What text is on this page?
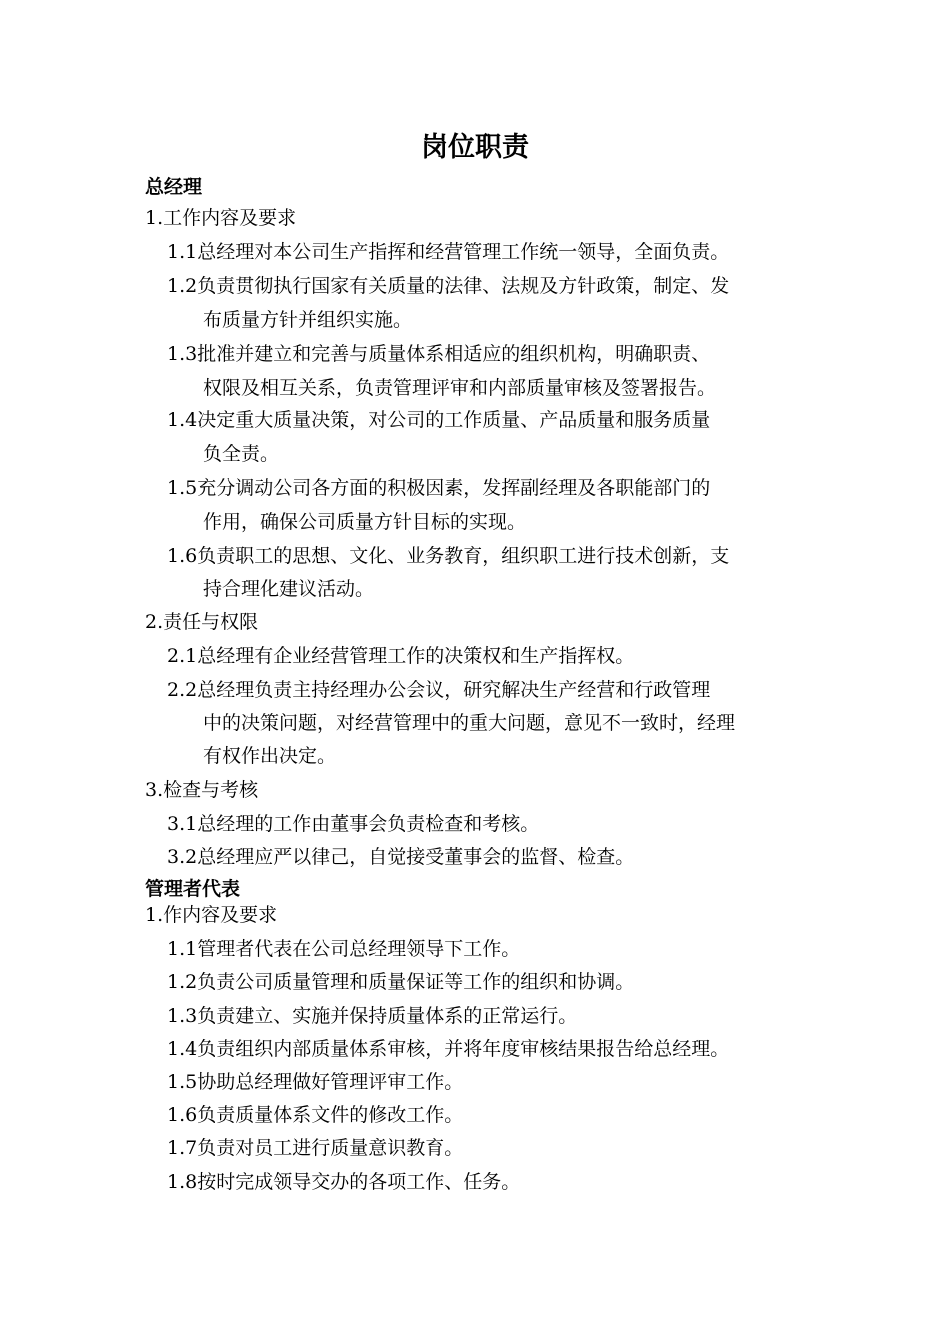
岗位职责
总经理
1.工作内容及要求
1.1总经理对本公司生产指挥和经营管理工作统一领导，全面负责。
1.2负责贯彻执行国家有关质量的法律、法规及方针政策，制定、发
布质量方针并组织实施。
1.3批准并建立和完善与质量体系相适应的组织机构，明确职责、
权限及相互关系，负责管理评审和内部质量审核及签署报告。
1.4决定重大质量决策，对公司的工作质量、产品质量和服务质量
负全责。
1.5充分调动公司各方面的积极因素，发挥副经理及各职能部门的
作用，确保公司质量方针目标的实现。
1.6负责职工的思想、文化、业务教育，组织职工进行技术创新，支
持合理化建议活动。
2.责任与权限
2.1总经理有企业经营管理工作的决策权和生产指挥权。
2.2总经理负责主持经理办公会议，研究解决生产经营和行政管理
中的决策问题，对经营管理中的重大问题，意见不一致时，经理
有权作出决定。
3.检查与考核
3.1总经理的工作由董事会负责检查和考核。
3.2总经理应严以律己，自觉接受董事会的监督、检查。
管理者代表
1.作内容及要求
1.1管理者代表在公司总经理领导下工作。
1.2负责公司质量管理和质量保证等工作的组织和协调。
1.3负责建立、实施并保持质量体系的正常运行。
1.4负责组织内部质量体系审核，并将年度审核结果报告给总经理。
1.5协助总经理做好管理评审工作。
1.6负责质量体系文件的修改工作。
1.7负责对员工进行质量意识教育。
1.8按时完成领导交办的各项工作、任务。
